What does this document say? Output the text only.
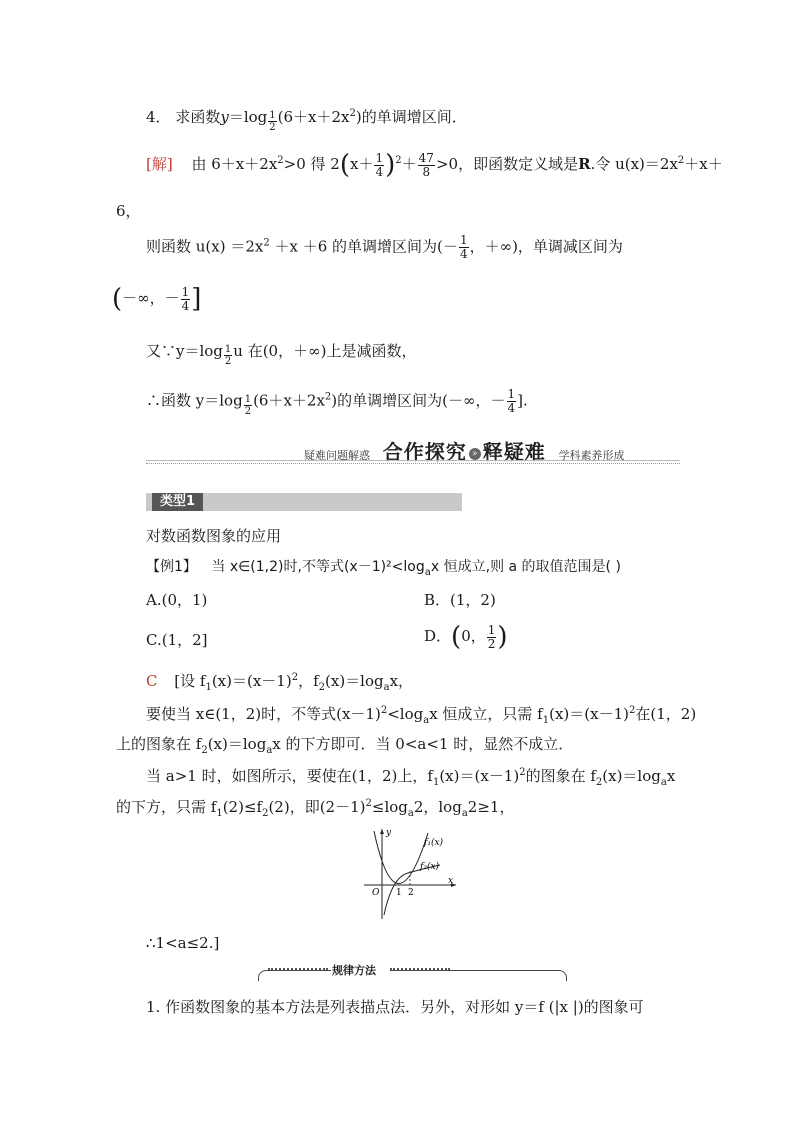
4． 求函数$y=\log \frac{1}{2} (6+x+2x^2)$的单调增区间．
[解] 由 $6+x+2x^2>0$ 得 $2(x+ \frac{1}{4} )^2+ \frac{47}{8} >0$，即函数定义域是R.令 $u(x)=2x^2+x+$
6，
则函数 $u(x) =2x^2 +x +6$ 的单调增区间为(－ $\frac{1}{4}$ ，＋∞)，单调减区间为
(－∞，－ $\frac{1}{4}$ ]
又∵y＝log $\frac{1}{2}$ u 在(0，＋∞)上是减函数，
∴函数 $y=\log \frac{1}{2} (6+x+2x^2)$的单调增区间为(－∞，－ $\frac{1}{4}$ ].
疑难问题解惑 合作探究 » 释疑难 学科素养形成
类型1
对数函数图象的应用
【例1】 当 x∈(1,2)时,不等式$(x-1)^2<\log_ax$ 恒成立,则 a 的取值范围是( )
A.(0，1)	B．(1，2)
C.(1，2]	D．(0， $\frac{1}{2}$ )
C [设 $f_1(x)=(x-1)^2$，$f_2(x)=\log_ax$，
要使当 x∈(1，2)时，不等式$(x-1)^2<\log_ax$ 恒成立，只需 $f_1(x)=(x-1)^2$在(1，2)
上的图象在 $f_2(x)=\log_ax$ 的下方即可．当 0<a<1 时，显然不成立．
当 a>1 时，如图所示，要使在(1，2)上，$f_1(x)=(x-1)^2$的图象在 $f_2(x)=\log_ax$
的下方，只需 $f_1(2)\le f_2(2)$，即$(2-1)^2\le\log_a2$，$\log_a2\ge 1$，
y
x
O 1 2
f₁(x)
f₂(x)
∴1<a≤2.]
规律方法
1. 作函数图象的基本方法是列表描点法．另外，对形如 y＝f (|x |)的图象可
